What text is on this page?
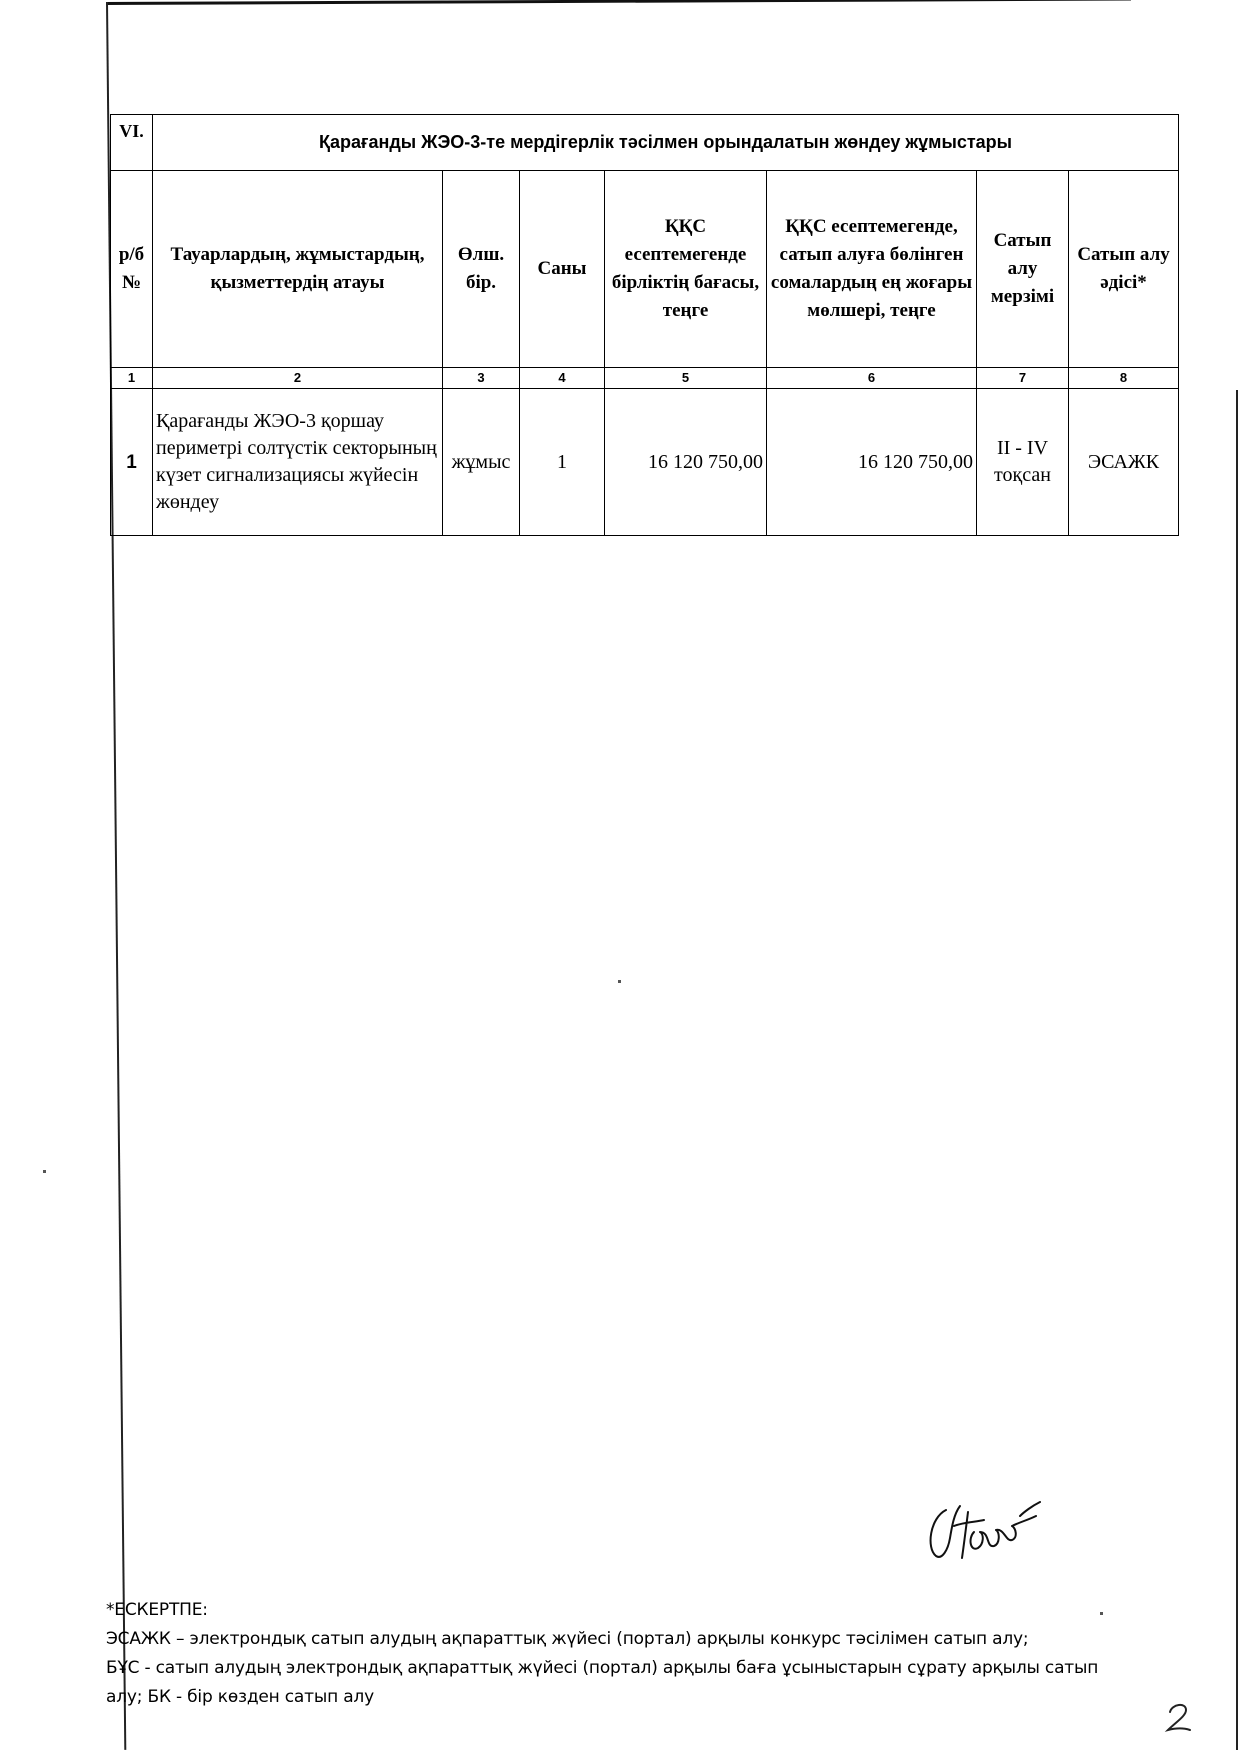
VI.	Қарағанды ЖЭО-3-те мердігерлік тәсілмен орындалатын жөндеу жұмыстары						
р/б №	Тауарлардың, жұмыстардың, қызметтердің атауы	Өлш. бір.	Саны	ҚҚС есептемегенде бірліктің бағасы, теңге	ҚҚС есептемегенде, сатып алуға бөлінген сомалардың ең жоғары мөлшері, теңге	Сатып алу мерзімі	Сатып алу әдісі*
1	2	3	4	5	6	7	8
1	Қарағанды ЖЭО-3 қоршау периметрі солтүстік секторының күзет сигнализациясы жүйесін жөндеу	жұмыс	1	16 120 750,00	16 120 750,00	II - IV тоқсан	ЭСАЖК

*ЕСКЕРТПЕ:

ЭСАЖК – электрондық сатып алудың ақпараттық жүйесі (портал) арқылы конкурс тәсілімен сатып алу;

БҰС - сатып алудың электрондық ақпараттық жүйесі (портал) арқылы баға ұсыныстарын сұрату арқылы сатып алу; БК - бір көзден сатып алу
